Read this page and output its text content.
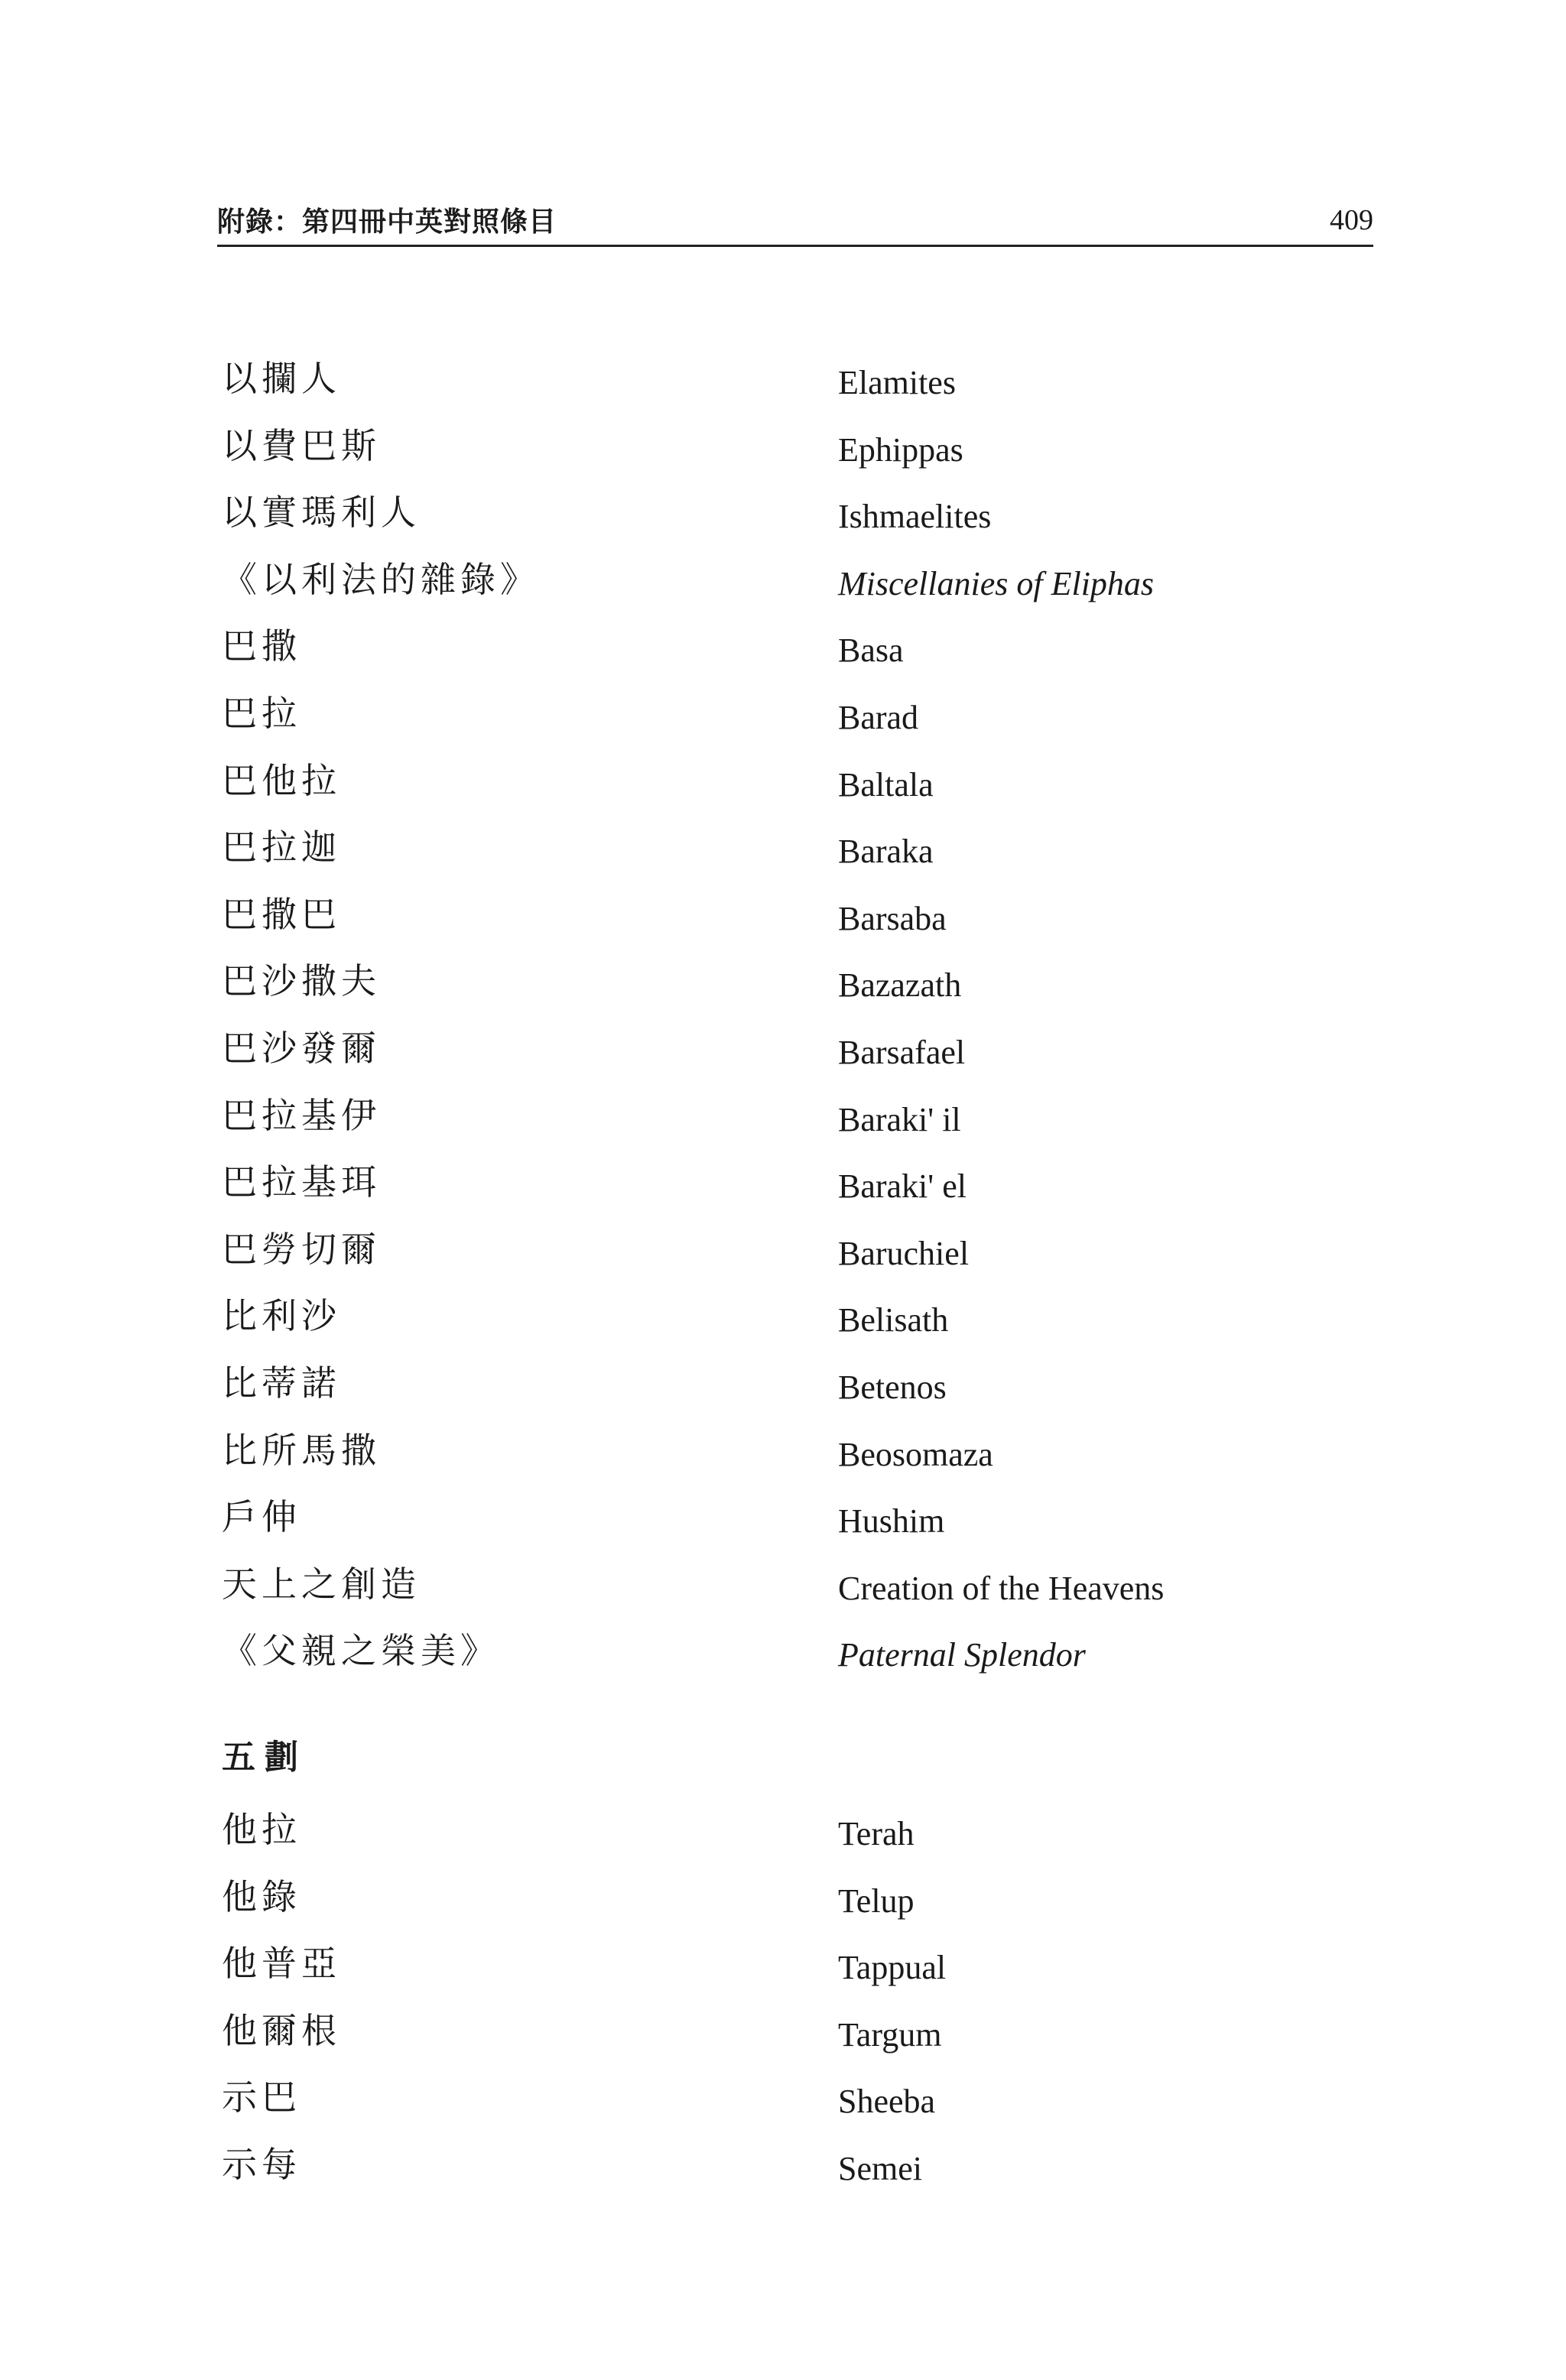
附錄：第四冊中英對照條目	409
以攔人	Elamites
以費巴斯	Ephippas
以實瑪利人	Ishmaelites
《以利法的雜錄》	Miscellanies of Eliphas
巴撒	Basa
巴拉	Barad
巴他拉	Baltala
巴拉迦	Baraka
巴撒巴	Barsaba
巴沙撒夫	Bazazath
巴沙發爾	Barsafael
巴拉基伊	Baraki' il
巴拉基珥	Baraki' el
巴勞切爾	Baruchiel
比利沙	Belisath
比蒂諾	Betenos
比所馬撒	Beosomaza
戶伸	Hushim
天上之創造	Creation of the Heavens
《父親之榮美》	Paternal Splendor
五劃
他拉	Terah
他錄	Telup
他普亞	Tappual
他爾根	Targum
示巴	Sheeba
示每	Semei
